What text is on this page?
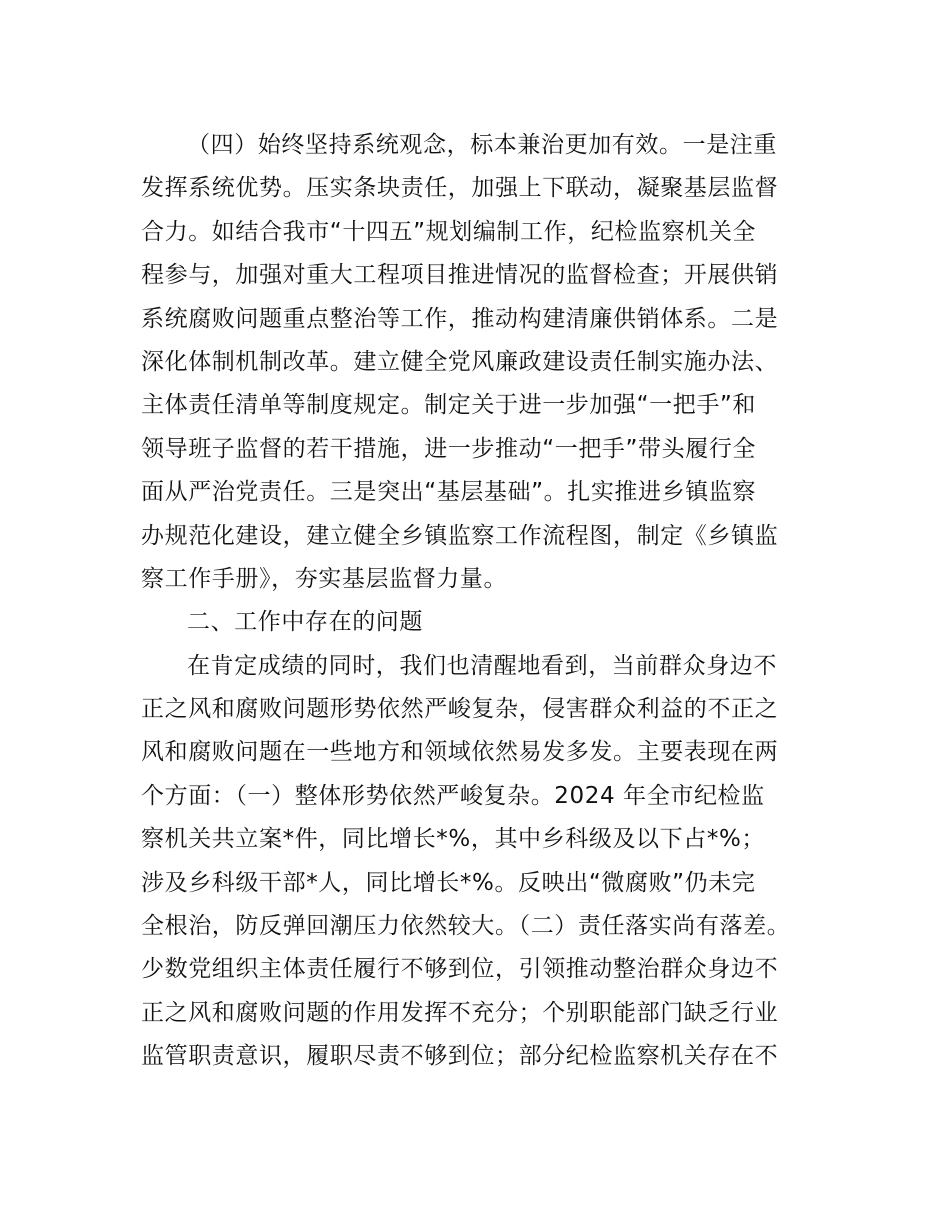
（四）始终坚持系统观念，标本兼治更加有效。一是注重
发挥系统优势。压实条块责任，加强上下联动，凝聚基层监督
合力。如结合我市“十四五”规划编制工作，纪检监察机关全
程参与，加强对重大工程项目推进情况的监督检查；开展供销
系统腐败问题重点整治等工作，推动构建清廉供销体系。二是
深化体制机制改革。建立健全党风廉政建设责任制实施办法、
主体责任清单等制度规定。制定关于进一步加强“一把手”和
领导班子监督的若干措施，进一步推动“一把手”带头履行全
面从严治党责任。三是突出“基层基础”。扎实推进乡镇监察
办规范化建设，建立健全乡镇监察工作流程图，制定《乡镇监
察工作手册》，夯实基层监督力量。
二、工作中存在的问题
在肯定成绩的同时，我们也清醒地看到，当前群众身边不
正之风和腐败问题形势依然严峻复杂，侵害群众利益的不正之
风和腐败问题在一些地方和领域依然易发多发。主要表现在两
个方面：（一）整体形势依然严峻复杂。2024 年全市纪检监
察机关共立案*件，同比增长*%，其中乡科级及以下占*%；
涉及乡科级干部*人，同比增长*%。反映出“微腐败”仍未完
全根治，防反弹回潮压力依然较大。（二）责任落实尚有落差。
少数党组织主体责任履行不够到位，引领推动整治群众身边不
正之风和腐败问题的作用发挥不充分；个别职能部门缺乏行业
监管职责意识，履职尽责不够到位；部分纪检监察机关存在不
